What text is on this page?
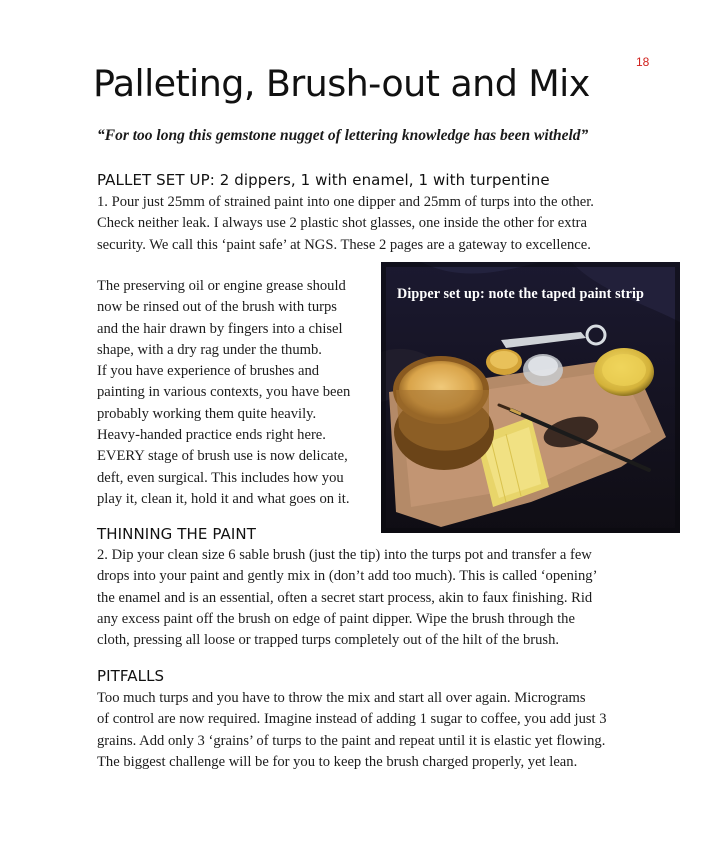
18
Palleting, Brush-out and Mix
“For too long this gemstone nugget of lettering knowledge has been witheld”
PALLET SET UP: 2 dippers, 1 with enamel, 1 with turpentine
1. Pour just 25mm of strained paint into one dipper and 25mm of turps into the other.
Check neither leak. I always use 2 plastic shot glasses, one inside the other for extra
security. We call this ‘paint safe’ at NGS. These 2 pages are a gateway to excellence.
The preserving oil or engine grease should
now be rinsed out of the brush with turps
and the hair drawn by fingers into a chisel
shape, with a dry rag under the thumb.
If you have experience of brushes and
painting in various contexts, you have been
probably working them quite heavily.
Heavy-handed practice ends right here.
EVERY stage of brush use is now delicate,
deft, even surgical. This includes how you
play it, clean it, hold it and what goes on it.
Dipper set up: note the taped paint strip
THINNING THE PAINT
2. Dip your clean size 6 sable brush (just the tip) into the turps pot and transfer a few
drops into your paint and gently mix in (don’t add too much). This is called ‘opening’
the enamel and is an essential, often a secret start process, akin to faux finishing. Rid
any excess paint off the brush on edge of paint dipper. Wipe the brush through the
cloth, pressing all loose or trapped turps completely out of the hilt of the brush.
PITFALLS
Too much turps and you have to throw the mix and start all over again. Micrograms
of control are now required. Imagine instead of adding 1 sugar to coffee, you add just 3
grains. Add only 3 ‘grains’ of turps to the paint and repeat until it is elastic yet flowing.
The biggest challenge will be for you to keep the brush charged properly, yet lean.
